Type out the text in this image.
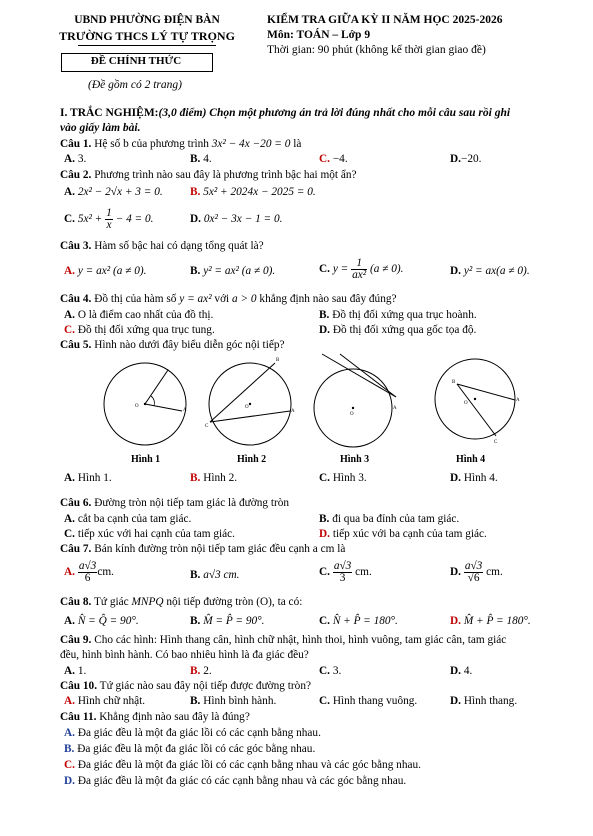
UBND PHƯỜNG ĐIỆN BÀN
TRƯỜNG THCS LÝ TỰ TRỌNG
ĐỀ CHÍNH THỨC
(Đề gồm có 2 trang)
KIỂM TRA GIỮA KỲ II NĂM HỌC 2025-2026
Môn: TOÁN – Lớp 9
Thời gian: 90 phút (không kể thời gian giao đề)
I. TRẮC NGHIỆM:(3,0 điểm) Chọn một phương án trả lời đúng nhất cho mỗi câu sau rồi ghi
vào giấy làm bài.
Câu 1. Hệ số b của phương trình 3x² − 4x −20 = 0 là
A. 3.	B. 4.	C. −4.	D.−20.
Câu 2. Phương trình nào sau đây là phương trình bậc hai một ẩn?
A. 2x² − 2√x + 3 = 0. B. 5x² + 2024x − 2025 = 0.
C. $5x^2 + \frac{1}{x} - 4 = 0$.	D. 0x² − 3x − 1 = 0.
Câu 3. Hàm số bậc hai có dạng tổng quát là?
A. y = ax² (a ≠ 0).	B. y² = ax² (a ≠ 0).	C. $y = \frac{1}{\text{ax²}} (a \ne 0)$.	D. y² = ax(a ≠ 0).
Câu 4. Đồ thị của hàm số y = ax² với a > 0 khẳng định nào sau đây đúng?
A. O là điểm cao nhất của đồ thị.	B. Đồ thị đối xứng qua trục hoành.
C. Đồ thị đối xứng qua trục tung.	D. Đồ thị đối xứng qua gốc tọa độ.
Câu 5. Hình nào dưới đây biểu diễn góc nội tiếp?
O
A
O
B
A
C
O
A
O
B
A
C
Hình 1	Hình 2	Hình 3	Hình 4
A. Hình 1.	B. Hình 2.	C. Hình 3.	D. Hình 4.
Câu 6. Đường tròn nội tiếp tam giác là đường tròn
A. cắt ba cạnh của tam giác.	B. đi qua ba đỉnh của tam giác.
C. tiếp xúc với hai cạnh của tam giác.	D. tiếp xúc với ba cạnh của tam giác.
Câu 7. Bán kính đường tròn nội tiếp tam giác đều cạnh a cm là
A. $\frac{a√3}{6}$ cm.	B. a√3 cm.	C. $\frac{a√3}{3}$ cm.	D. $\frac{a√3}{√6}$ cm.
Câu 8. Tứ giác MNPQ nội tiếp đường tròn (O), ta có:
A. N̂ = Q̂ = 90°.	B. M̂ = P̂ = 90°.	C. N̂ + P̂ = 180°.	D. M̂ + P̂ = 180°.
Câu 9. Cho các hình: Hình thang cân, hình chữ nhật, hình thoi, hình vuông, tam giác cân, tam giác
đều, hình bình hành. Có bao nhiêu hình là đa giác đều?
A. 1.	B. 2.	C. 3.	D. 4.
Câu 10. Tứ giác nào sau đây nội tiếp được đường tròn?
A. Hình chữ nhật.	B. Hình bình hành.	C. Hình thang vuông.	D. Hình thang.
Câu 11. Khẳng định nào sau đây là đúng?
A. Đa giác đều là một đa giác lồi có các cạnh bằng nhau.
B. Đa giác đều là một đa giác lồi có các góc bằng nhau.
C. Đa giác đều là một đa giác lồi có các cạnh bằng nhau và các góc bằng nhau.
D. Đa giác đều là một đa giác có các cạnh bằng nhau và các góc bằng nhau.
